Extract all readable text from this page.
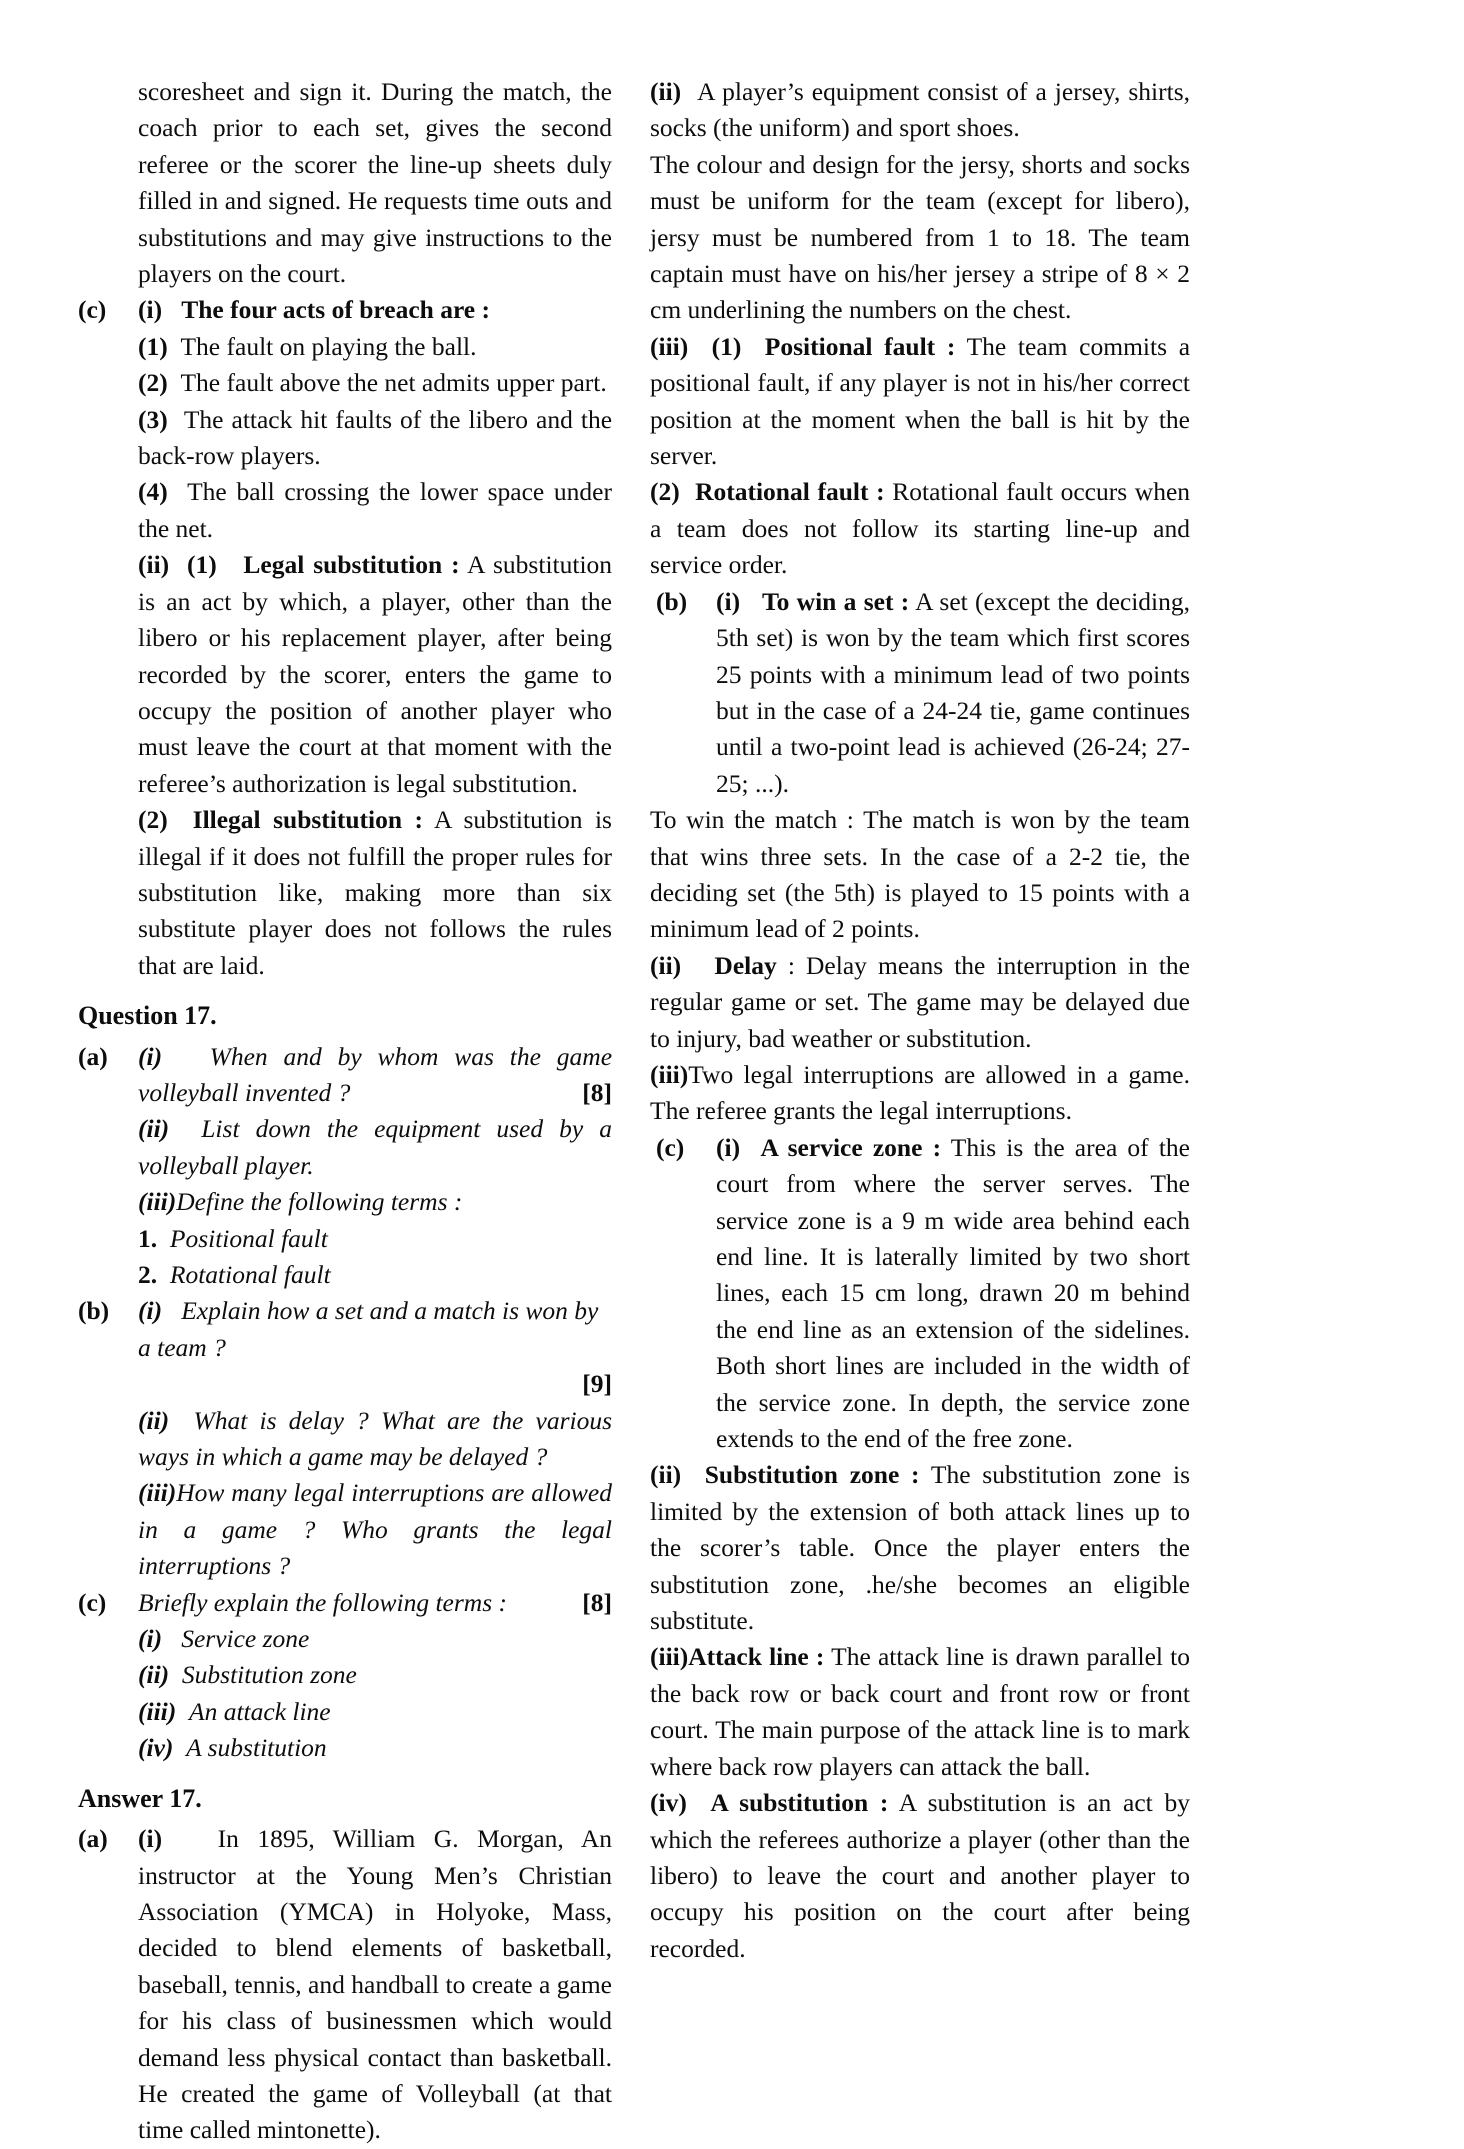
scoresheet and sign it. During the match, the coach prior to each set, gives the second referee or the scorer the line-up sheets duly filled in and signed. He requests time outs and substitutions and may give instructions to the players on the court.

(c)	(i) The four acts of breach are :
(1) The fault on playing the ball.
(2) The fault above the net admits upper part.
(3) The attack hit faults of the libero and the back-row players.
(4) The ball crossing the lower space under the net.
(ii) (1) Legal substitution : A substitution is an act by which, a player, other than the libero or his replacement player, after being recorded by the scorer, enters the game to occupy the position of another player who must leave the court at that moment with the referee’s authorization is legal substitution.
(2) Illegal substitution : A substitution is illegal if it does not fulfill the proper rules for substitution like, making more than six substitute player does not follows the rules that are laid.
Question 17.
(a)	(i) When and by whom was the game volleyball invented ?	[8]
(ii) List down the equipment used by a volleyball player.
(iii)Define the following terms :
1. Positional fault
2. Rotational fault
(b)	(i) Explain how a set and a match is won by a team ?
[9]
(ii) What is delay ? What are the various ways in which a game may be delayed ?
(iii)How many legal interruptions are allowed in a game ? Who grants the legal interruptions ?
(c)	Briefly explain the following terms :	[8]
(i) Service zone
(ii) Substitution zone
(iii) An attack line
(iv) A substitution
Answer 17.
(a)	(i) In 1895, William G. Morgan, An instructor at the Young Men’s Christian Association (YMCA) in Holyoke, Mass, decided to blend elements of basketball, baseball, tennis, and handball to create a game for his class of businessmen which would demand less physical contact than basketball. He created the game of Volleyball (at that time called mintonette).

(ii) A player’s equipment consist of a jersey, shirts, socks (the uniform) and sport shoes.

The colour and design for the jersy, shorts and socks must be uniform for the team (except for libero), jersy must be numbered from 1 to 18. The team captain must have on his/her jersey a stripe of 8 × 2 cm underlining the numbers on the chest.

(iii) (1) Positional fault : The team commits a positional fault, if any player is not in his/her correct position at the moment when the ball is hit by the server.

(2) Rotational fault : Rotational fault occurs when a team does not follow its starting line-up and service order.

(b)	(i) To win a set : A set (except the deciding, 5th set) is won by the team which first scores 25 points with a minimum lead of two points but in the case of a 24-24 tie, game continues until a two-point lead is achieved (26-24; 27-25; ...).

To win the match : The match is won by the team that wins three sets. In the case of a 2-2 tie, the deciding set (the 5th) is played to 15 points with a minimum lead of 2 points.

(ii) Delay : Delay means the interruption in the regular game or set. The game may be delayed due to injury, bad weather or substitution.

(iii)Two legal interruptions are allowed in a game. The referee grants the legal interruptions.

(c)	(i) A service zone : This is the area of the court from where the server serves. The service zone is a 9 m wide area behind each end line. It is laterally limited by two short lines, each 15 cm long, drawn 20 m behind the end line as an extension of the sidelines. Both short lines are included in the width of the service zone. In depth, the service zone extends to the end of the free zone.

(ii) Substitution zone : The substitution zone is limited by the extension of both attack lines up to the scorer’s table. Once the player enters the substitution zone, .he/she becomes an eligible substitute.

(iii)Attack line : The attack line is drawn parallel to the back row or back court and front row or front court. The main purpose of the attack line is to mark where back row players can attack the ball.

(iv) A substitution : A substitution is an act by which the referees authorize a player (other than the libero) to leave the court and another player to occupy his position on the court after being recorded.
